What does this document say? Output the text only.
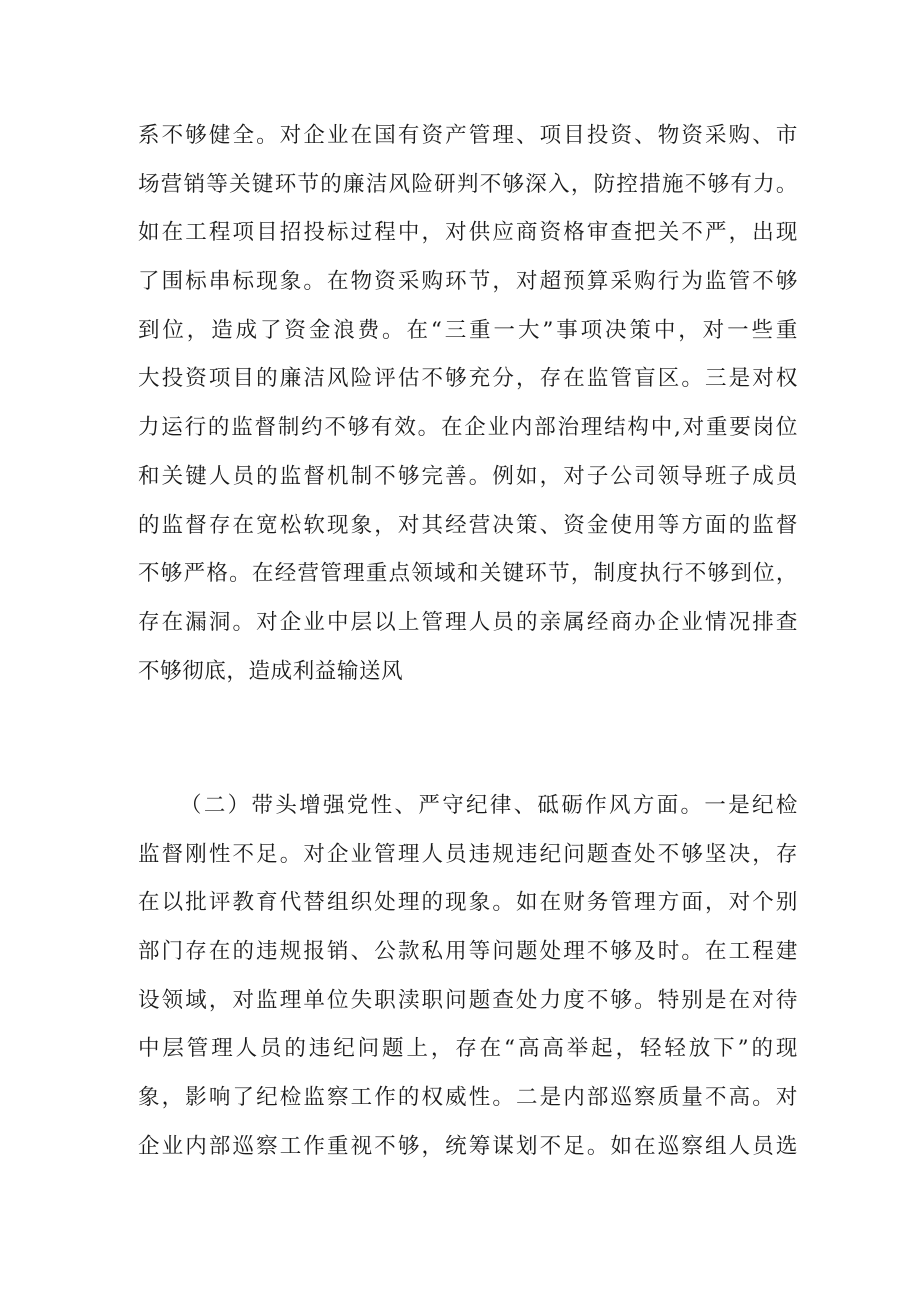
系不够健全。对企业在国有资产管理、项目投资、物资采购、市
场营销等关键环节的廉洁风险研判不够深入，防控措施不够有力。
如在工程项目招投标过程中，对供应商资格审查把关不严，出现
了围标串标现象。在物资采购环节，对超预算采购行为监管不够
到位，造成了资金浪费。在“三重一大”事项决策中，对一些重
大投资项目的廉洁风险评估不够充分，存在监管盲区。三是对权
力运行的监督制约不够有效。在企业内部治理结构中,对重要岗位
和关键人员的监督机制不够完善。例如，对子公司领导班子成员
的监督存在宽松软现象，对其经营决策、资金使用等方面的监督
不够严格。在经营管理重点领域和关键环节，制度执行不够到位，
存在漏洞。对企业中层以上管理人员的亲属经商办企业情况排查
不够彻底，造成利益输送风
（二）带头增强党性、严守纪律、砥砺作风方面。一是纪检
监督刚性不足。对企业管理人员违规违纪问题查处不够坚决，存
在以批评教育代替组织处理的现象。如在财务管理方面，对个别
部门存在的违规报销、公款私用等问题处理不够及时。在工程建
设领域，对监理单位失职渎职问题查处力度不够。特别是在对待
中层管理人员的违纪问题上，存在“高高举起，轻轻放下”的现
象，影响了纪检监察工作的权威性。二是内部巡察质量不高。对
企业内部巡察工作重视不够，统筹谋划不足。如在巡察组人员选
